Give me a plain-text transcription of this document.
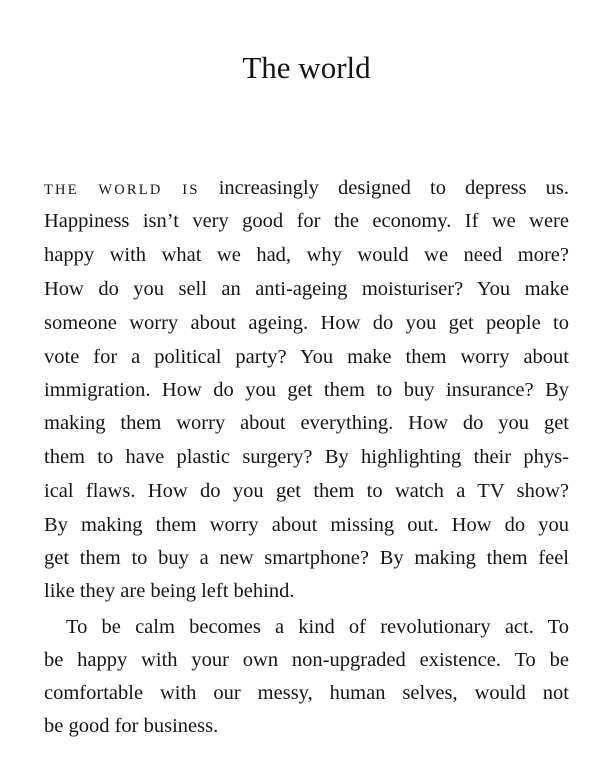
The world
THE WORLD IS increasingly designed to depress us.
Happiness isn’t very good for the economy. If we were
happy with what we had, why would we need more?
How do you sell an anti-ageing moisturiser? You make
someone worry about ageing. How do you get people to
vote for a political party? You make them worry about
immigration. How do you get them to buy insurance? By
making them worry about everything. How do you get
them to have plastic surgery? By highlighting their phys-
ical flaws. How do you get them to watch a TV show?
By making them worry about missing out. How do you
get them to buy a new smartphone? By making them feel
like they are being left behind.
To be calm becomes a kind of revolutionary act. To
be happy with your own non-upgraded existence. To be
comfortable with our messy, human selves, would not
be good for business.
